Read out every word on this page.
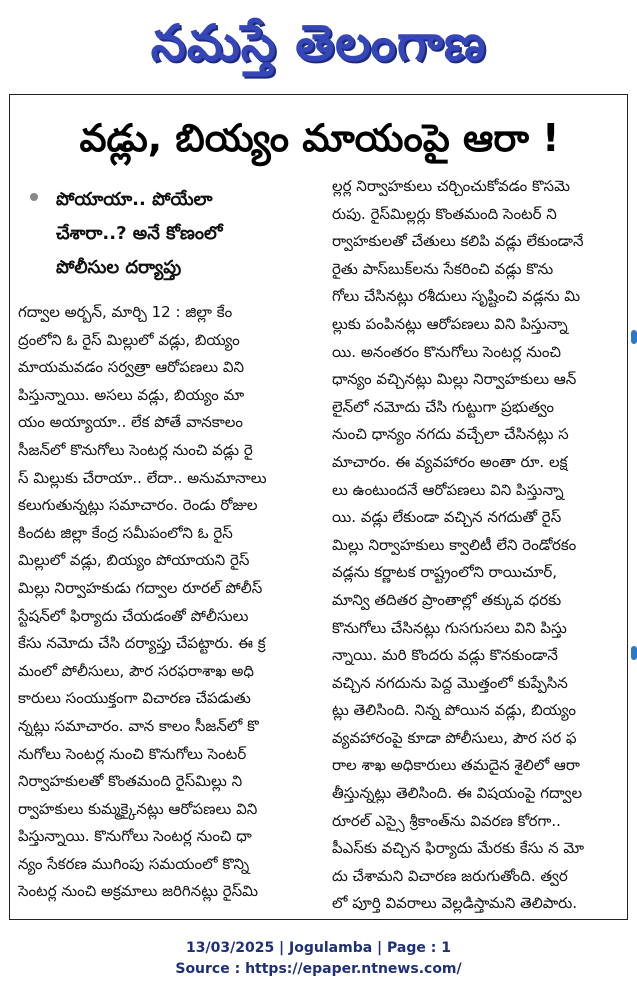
నమస్తే తెలంగాణ
వడ్లు, బియ్యం మాయంపై ఆరా !
పోయాయా.. పోయేలా
చేశారా..? అనే కోణంలో
పోలీసుల దర్యాప్తు
గద్వాల అర్బన్, మార్చి 12 : జిల్లా కేం
ద్రంలోని ఓ రైస్ మిల్లులో వడ్లు, బియ్యం
మాయమవడం సర్వత్రా ఆరోపణలు విని
పిస్తున్నాయి. అసలు వడ్లు, బియ్యం మా
యం అయ్యాయా.. లేక పోతే వానకాలం
సీజన్‌లో కొనుగోలు సెంటర్ల నుంచి వడ్లు రై
స్ మిల్లుకు చేరాయా.. లేదా.. అనుమానాలు
కలుగుతున్నట్లు సమాచారం. రెండు రోజుల
కిందట జిల్లా కేంద్ర సమీపంలోని ఓ రైస్
మిల్లులో వడ్లు, బియ్యం పోయాయని రైస్
మిల్లు నిర్వాహకుడు గద్వాల రూరల్ పోలీస్
స్టేషన్‌లో ఫిర్యాదు చేయడంతో పోలీసులు
కేసు నమోదు చేసి దర్యాప్తు చేపట్టారు. ఈ క్ర
మంలో పోలీసులు, పౌర సరఫరాశాఖ అధి
కారులు సంయుక్తంగా విచారణ చేపడుతు
న్నట్లు సమాచారం. వాన కాలం సీజన్‌లో కొ
నుగోలు సెంటర్ల నుంచి కొనుగోలు సెంటర్
నిర్వాహకులతో కొంతమంది రైస్‌మిల్లు ని
ర్వాహకులు కుమ్మక్కైనట్లు ఆరోపణలు విని
పిస్తున్నాయి. కొనుగోలు సెంటర్ల నుంచి ధా
న్యం సేకరణ ముగింపు సమయంలో కొన్ని
సెంటర్ల నుంచి అక్రమాలు జరిగినట్లు రైస్‌మి
ల్లర్ల నిర్వాహకులు చర్చించుకోవడం కొసమె
రుపు. రైస్‌మిల్లర్లు కొంతమంది సెంటర్ ని
ర్వాహకులతో చేతులు కలిపి వడ్లు లేకుండానే
రైతు పాస్‌బుక్‌లను సేకరించి వడ్లు కొను
గోలు చేసినట్లు రశీదులు సృష్టించి వడ్లను మి
ల్లుకు పంపినట్లు ఆరోపణలు విని పిస్తున్నా
యి. అనంతరం కొనుగోలు సెంటర్ల నుంచి
ధాన్యం వచ్చినట్లు మిల్లు నిర్వాహకులు ఆన్
లైన్‌లో నమోదు చేసి గుట్టుగా ప్రభుత్వం
నుంచి ధాన్యం నగదు వచ్చేలా చేసినట్లు స
మాచారం. ఈ వ్యవహారం అంతా రూ. లక్ష
లు ఉంటుందనే ఆరోపణలు విని పిస్తున్నా
యి. వడ్లు లేకుండా వచ్చిన నగదుతో రైస్
మిల్లు నిర్వాహకులు క్వాలిటీ లేని రెండోరకం
వడ్లను కర్ణాటక రాష్ట్రంలోని రాయిచూర్,
మాన్వి తదితర ప్రాంతాల్లో తక్కువ ధరకు
కొనుగోలు చేసినట్లు గుసగుసలు విని పిస్తు
న్నాయి. మరి కొందరు వడ్లు కొనకుండానే
వచ్చిన నగదును పెద్ద మొత్తంలో కుప్పేసిన
ట్లు తెలిసింది. నిన్న పోయిన వడ్లు, బియ్యం
వ్యవహారంపై కూడా పోలీసులు, పౌర సర ఫ
రాల శాఖ అధికారులు తమదైన శైలిలో ఆరా
తీస్తున్నట్లు తెలిసింది. ఈ విషయంపై గద్వాల
రూరల్ ఎస్సై శ్రీకాంత్‌ను వివరణ కోరగా..
పీఎస్‌కు వచ్చిన ఫిర్యాదు మేరకు కేసు న మో
దు చేశామని విచారణ జరుగుతోంది. త్వర
లో పూర్తి వివరాలు వెల్లడిస్తామని తెలిపారు.
13/03/2025 | Jogulamba | Page : 1
Source : https://epaper.ntnews.com/
